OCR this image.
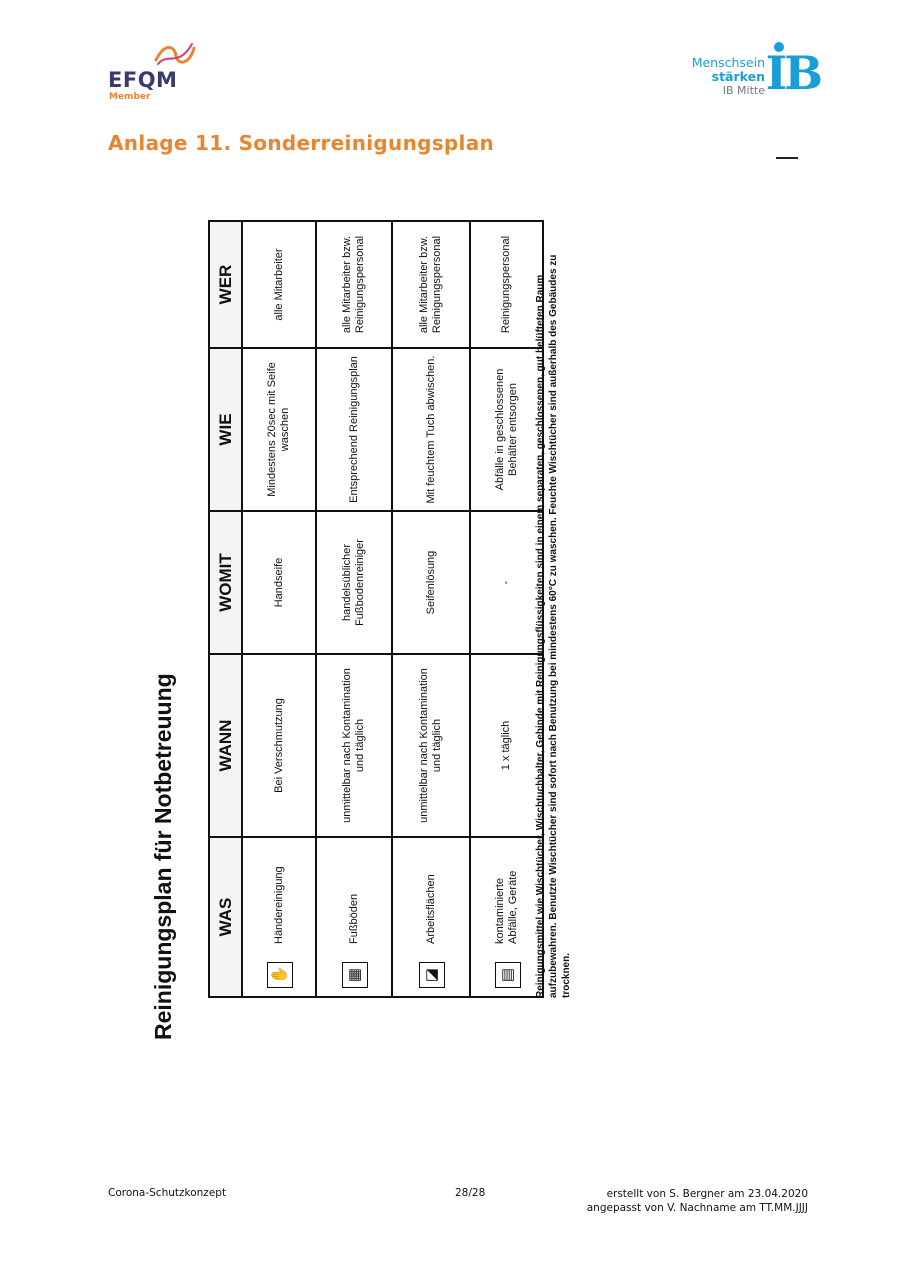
EFQM
Member
Menschsein
stärken
IB Mitte IB
Anlage 11. Sonderreinigungsplan
Reinigungsplan für Notbetreuung WAS	WANN	WOMIT	WIE	WER

✋
Händereinigung	Bei Verschmutzung	Handseife	Mindestens 20sec mit Seife waschen	alle Mitarbeiter

▦
Fußböden	unmittelbar nach Kontamination und täglich	handelsüblicher Fußbodenreiniger	Entsprechend Reinigungsplan	alle Mitarbeiter bzw. Reinigungspersonal

◪
Arbeitsflächen	unmittelbar nach Kontamination und täglich	Seifenlösung	Mit feuchtem Tuch abwischen.	alle Mitarbeiter bzw. Reinigungspersonal

▤
kontaminierte Abfälle, Geräte	1 x täglich	-	Abfälle in geschlossenen Behälter entsorgen	Reinigungspersonal Reinigungsmittel wie Wischtücher, Wischtuchhalter, Gebinde mit Reinigungsflüssigkeiten sind in einem separaten, geschlossenen, gut belüfteten Raum aufzubewahren. Benutzte Wischtücher sind sofort nach Benutzung bei mindestens 60°C zu waschen. Feuchte Wischtücher sind außerhalb des Gebäudes zu trocknen.
Corona-Schutzkonzept	28/28	erstellt von S. Bergner am 23.04.2020
angepasst von V. Nachname am TT.MM.JJJJ
